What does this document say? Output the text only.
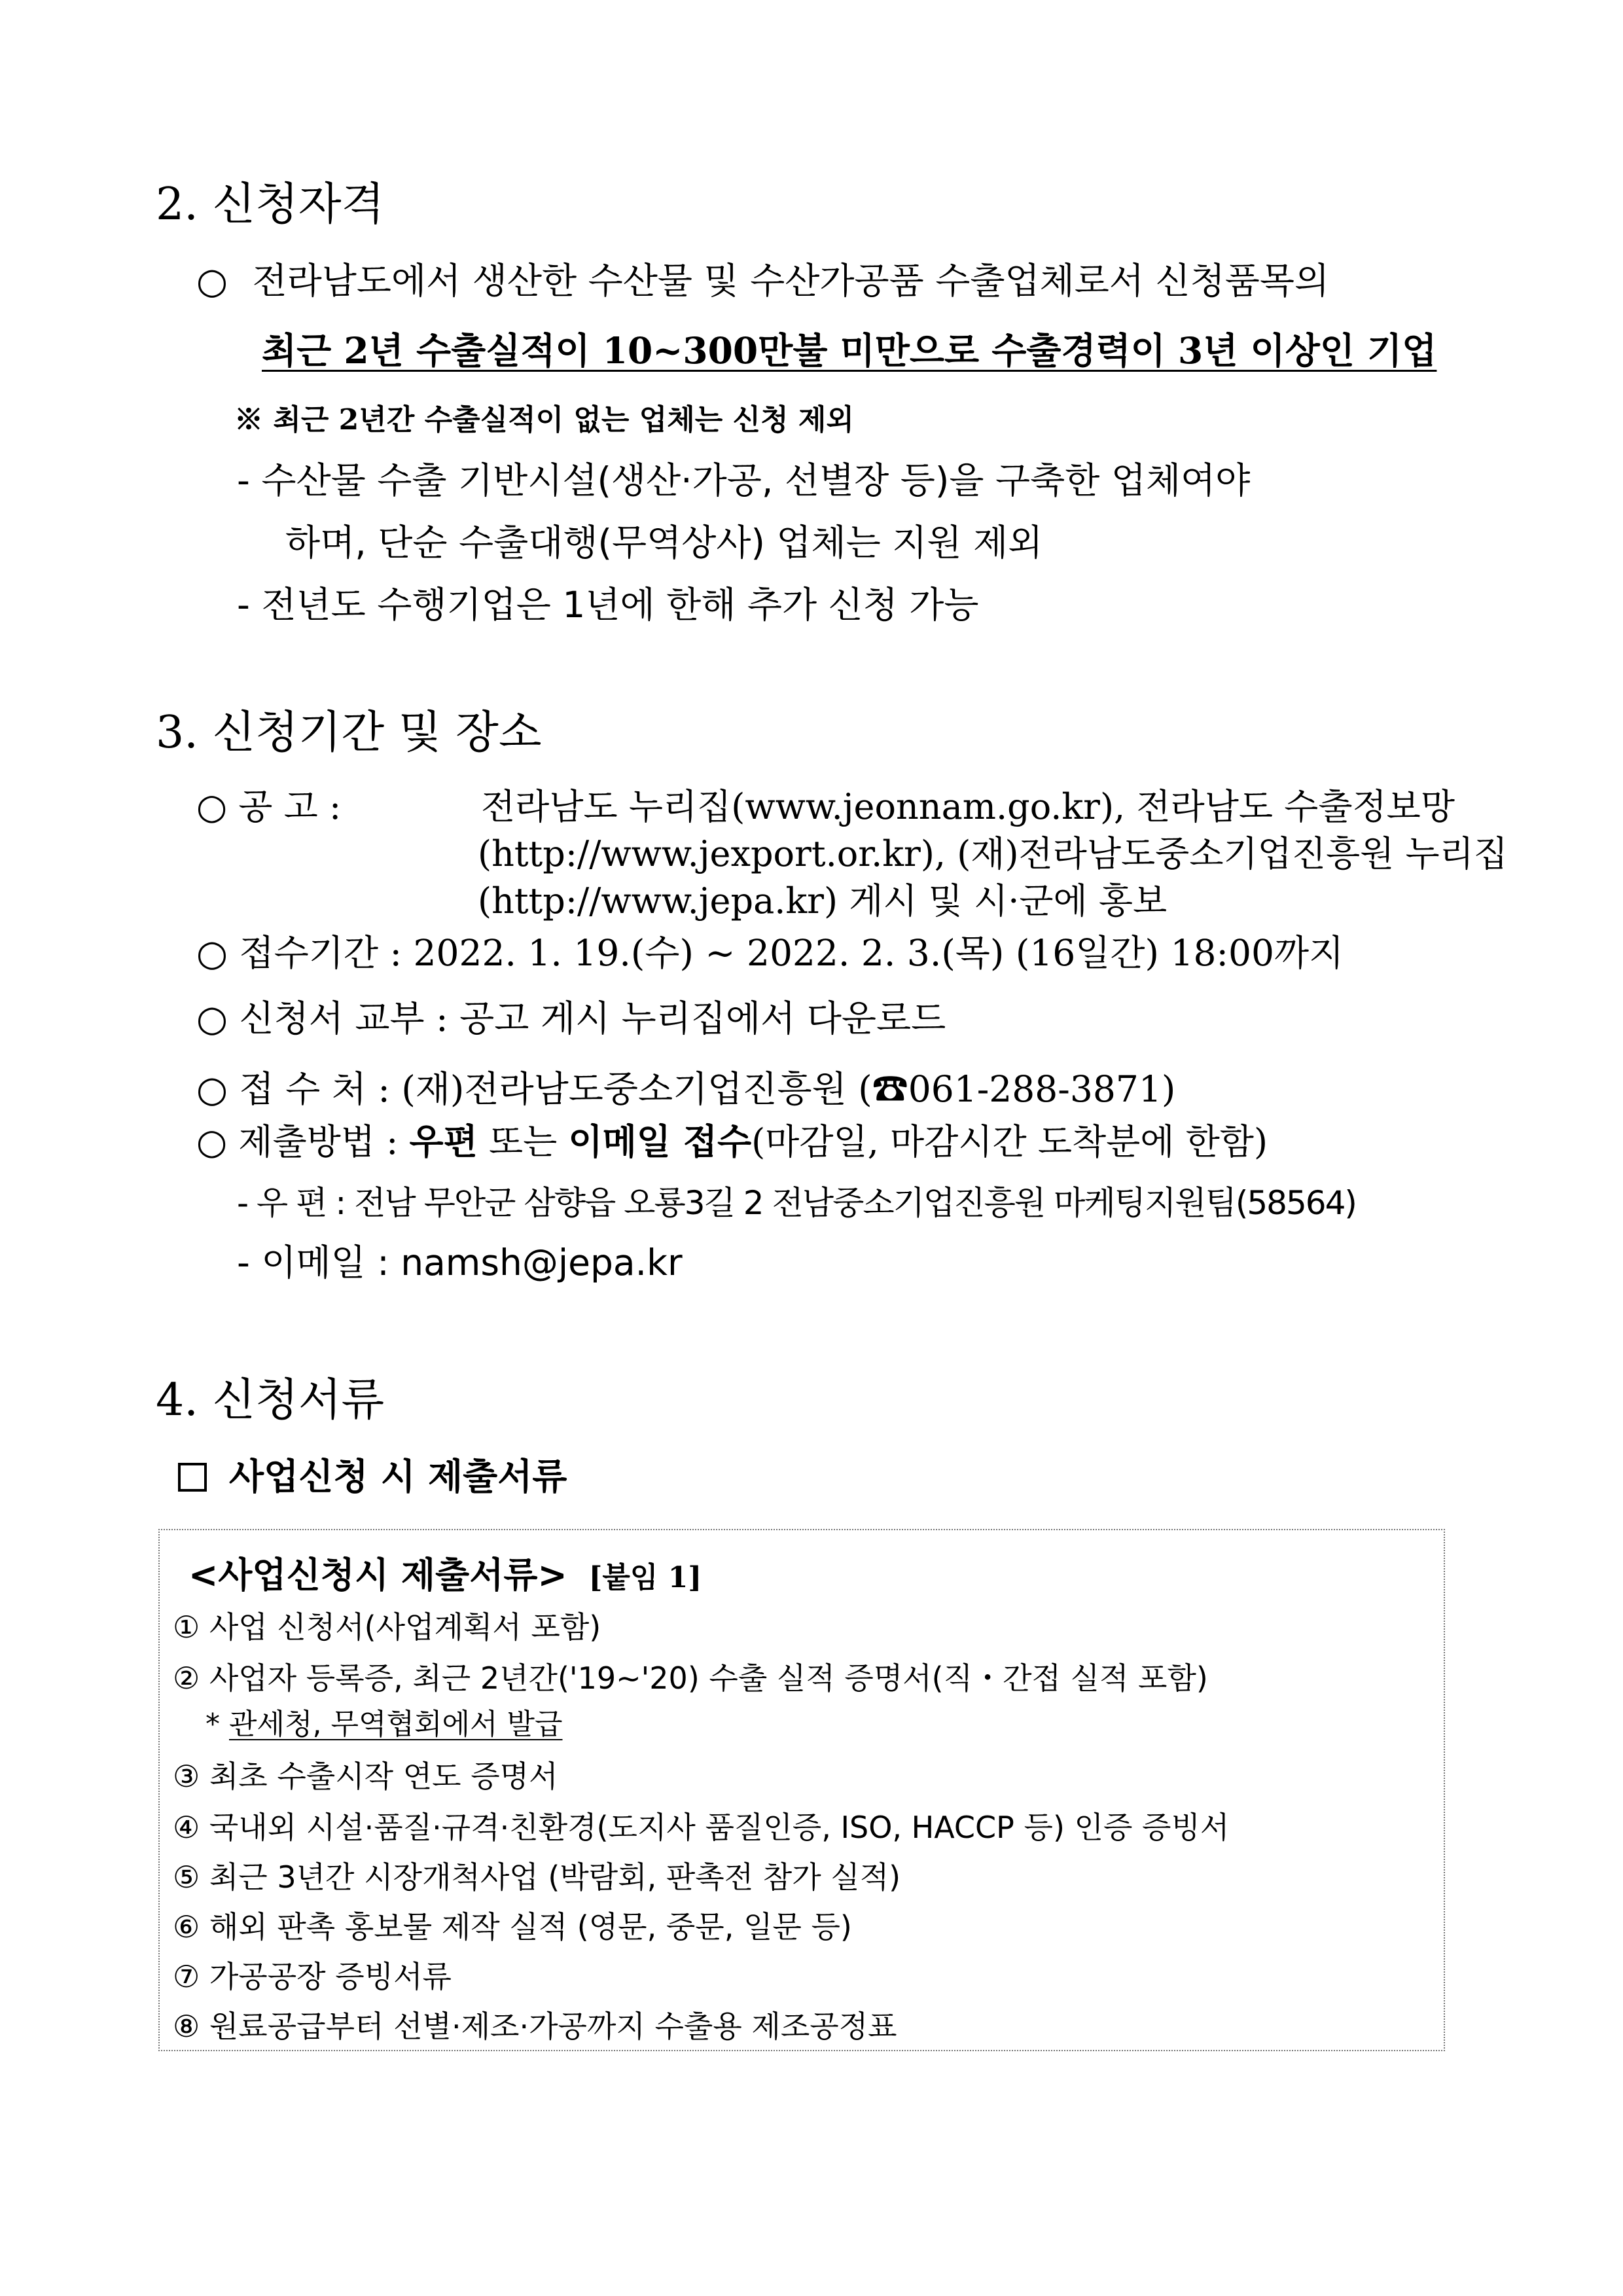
2. 신청자격
○ 전라남도에서 생산한 수산물 및 수산가공품 수출업체로서 신청품목의
최근 2년 수출실적이 10~300만불 미만으로 수출경력이 3년 이상인 기업
※ 최근 2년간 수출실적이 없는 업체는 신청 제외
- 수산물 수출 기반시설(생산·가공, 선별장 등)을 구축한 업체여야
하며, 단순 수출대행(무역상사) 업체는 지원 제외
- 전년도 수행기업은 1년에 한해 추가 신청 가능
3. 신청기간 및 장소
○ 공 고 :	전라남도 누리집(www.jeonnam.go.kr), 전라남도 수출정보망
(http://www.jexport.or.kr), (재)전라남도중소기업진흥원 누리집
(http://www.jepa.kr) 게시 및 시·군에 홍보
○ 접수기간 : 2022. 1. 19.(수) ~ 2022. 2. 3.(목) (16일간) 18:00까지
○ 신청서 교부 : 공고 게시 누리집에서 다운로드
○ 접 수 처 : (재)전라남도중소기업진흥원 (☎061-288-3871)
○ 제출방법 : 우편 또는 이메일 접수(마감일, 마감시간 도착분에 한함)
- 우 편 : 전남 무안군 삼향읍 오룡3길 2 전남중소기업진흥원 마케팅지원팀(58564)
- 이메일 : namsh@jepa.kr
4. 신청서류
사업신청 시 제출서류
<사업신청시 제출서류> [붙임 1]
① 사업 신청서(사업계획서 포함)
② 사업자 등록증, 최근 2년간('19~'20) 수출 실적 증명서(직・간접 실적 포함)
* 관세청, 무역협회에서 발급
③ 최초 수출시작 연도 증명서
④ 국내외 시설·품질·규격·친환경(도지사 품질인증, ISO, HACCP 등) 인증 증빙서
⑤ 최근 3년간 시장개척사업 (박람회, 판촉전 참가 실적)
⑥ 해외 판촉 홍보물 제작 실적 (영문, 중문, 일문 등)
⑦ 가공공장 증빙서류
⑧ 원료공급부터 선별·제조·가공까지 수출용 제조공정표
